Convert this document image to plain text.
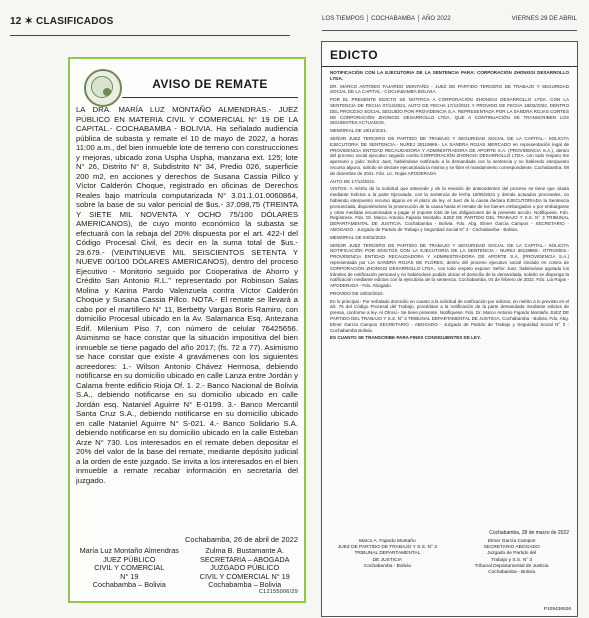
12 ✶ CLASIFICADOS
AVISO DE REMATE
LA DRA. MARÍA LUZ MONTAÑO ALMENDRAS.- JUEZ PÚBLICO EN MATERIA CIVIL Y COMERCIAL N° 19 DE LA CAPITAL.- COCHABAMBA - BOLIVIA. Ha señalado audiencia pública de subasta y remate el 10 de mayo de 2022, a horas 11:00 a.m., del bien inmueble lote de terreno con construcciones y mejoras, ubicado zona Uspha Uspha, manzana ext. 125; lote N° 26, Distrito N° 8, Subdistrito N° 34, Predio 026, superficie 200 m2, en acciones y derechos de Susana Cassia Pillco y Víctor Calderón Choque, registrado en oficinas de Derechos Reales bajo matrícula computarizada N° 3.01.1.01.0060864, sobre la base de su valor pericial de $us.- 37.098,75 (TREINTA Y SIETE MIL NOVENTA Y OCHO 75/100 DÓLARES AMERICANOS), de cuyo monto económico la subasta se efectuará con la rebaja del 20% dispuesta por el art. 422-I del Código Procesal Civil, es decir en la suma total de $us.- 29.679.- (VEINTINUEVE MIL SEISCIENTOS SETENTA Y NUEVE 00/100 DÓLARES AMERICANOS), dentro del proceso Ejecutivo - Monitorio seguido por Cooperativa de Ahorro y Crédito San Antonio R.L." representado por Robinson Salas Molina y Karina Pardo Valenzuela contra Víctor Calderón Choque y Susana Cassia Pillco. NOTA.- El remate se llevará a cabo por el martillero N° 11, Berbetty Vargas Boris Ramiro, con domicilio Procesal ubicado en la Av. Salamanca Esq. Antezana Edif. Milenium Piso 7, con número de celular 76425656. Asimismo se hace constar que la situación impositiva del bien inmueble se tiene pagado del año 2017; (fs. 72 a 77). Asimismo se hace constar que existe 4 gravámenes con los siguientes acreedores: 1.- Wilson Antonio Chávez Hermosa, debiendo notificarse en su domicilio ubicado en calle Lanza entre Jordán y Calama frente edificio Rioja Of. 1. 2.- Banco Nacional de Bolivia S.A., debiendo notificarse en su domicilio ubicado en calle Jordán esq. Nataniel Aguirre N° E-0199. 3.- Banco Mercantil Santa Cruz S.A., debiendo notificarse en su domicilio ubicado en calle Nataniel Aguirre N° S-021. 4.- Banco Solidario S.A. debiendo notificarse en su domicilio ubicado en la calle Esteban Arze N° 730. Los interesados en el remate deben depositar el 20% del valor de la base del remate, mediante depósito judicial a la orden de este juzgado. Se invita a los interesados en el bien inmueble a remate recabar información en secretaría del juzgado.
Cochabamba, 26 de abril de 2022
María Luz Montaño Almendras
JUEZ PÚBLICO
CIVIL Y COMERCIAL
N° 19
Cochabamba – Bolivia
Zulma B. Bustamante A.
SECRETARIA – ABOGADA
JUZGADO PÚBLICO
CIVIL Y COMERCIAL N° 19
Cochabamba – Bolivia
C12155006/29
LOS TIEMPOS │ COCHABAMBA │ AÑO 2022	VIERNES 29 DE ABRIL
EDICTO

NOTIFICACIÓN CON LA EJECUTORIA DE LA SENTENCIA PARA: CORPORACIÓN ZHONGGI DESARROLLO LTDA.

DR. MARCO ANTONIO FAJARDO MONTAÑO - JUEZ DE PARTIDO TERCERO DE TRABAJO Y SEGURIDAD SOCIAL DE LA CAPITAL - COCHABAMBA BOLIVIA.

POR EL PRESENTE EDICTO SE NOTIFICA A CORPORACIÓN ZHONGGI DESARROLLO LTDA. CON LA SENTENCIA DE FECHA 07/12/2021, AUTO DE FECHA 17/12/2021 Y PROVIDO DE FECHA 18/02/2022, DENTRO DEL PROCESO SOCIAL SEGUIDO POR PROVIDENCIA S.A. REPRESENTADA POR LA SANDRA ROJAS CORTES DE CORPORACIÓN ZHONGGI DESARROLLO LTDA. QUE A CONTINUACIÓN SE TRANSCRIBEN LOS SIGUIENTES ACTUADOS.

MEMORIAL DE 18/12/2021.

SEÑOR JUEZ TERCERO DE PARTIDO DE TRABAJO Y SEGURIDAD SOCIAL DE LA CAPITAL.- SOLICITA EJECUTORIA DE SENTENCIA.- NUREJ 30119869.- LA SANDRA ROJAS MERCADO en representación legal de PROVIDENCIA ENTIDAD RECAUDADORA Y ADMINISTRADORA DE APORTE S.A. (PROVIDENCIA S.A.), dentro del proceso social ejecutivo seguido contra CORPORACIÓN ZHONGGI DESARROLLO LTDA. con todo respeto me apersono y pido: Señor Juez, habiéndose notificado a la demandada con la sentencia y no habiendo interpuesto recurso alguno, solicito se declare ejecutoriada la misma y se libre el mandamiento correspondiente. Cochabamba, 08 de diciembre de 2021. Fdo. Lic. Rojas APODERADA.

AUTO DE 17/12/2021.

VISTOS: A mérito de la solicitud que antecede y de la revisión de antecedentes del proceso se tiene que citada mediante Edictos a la parte Ejecutada, con la sentencia de fecha 18/05/2021 y demás actuados procesales, no habiendo interpuesto recurso alguno en el plazo de ley, el Juez de la causa declara EJECUTORIADA la Sentencia pronunciada, disponiéndose la prosecución de la causa hasta el remate de los bienes embargados o por embargarse y otras medidas encaminadas a pagar el importe total de las obligaciones de la presente acción. Notifíquese. Fdo. Regístrese. Fdo. Dr. Marco Antonio Fajardo Montaño JUEZ DE PARTIDO DEL TRABAJO Y S.S. N° 3 TRIBUNAL DEPARTAMENTAL DE JUSTICIA. Cochabamba - Bolivia. Fdo. Abg. Elmer García Campos - SECRETARIO - ABOGADO - Juzgado de Partido de Trabajo y Seguridad Social N° 3 - Cochabamba - Bolivia.

MEMORIAL DE 04/02/2022.

SEÑOR JUEZ TERCERO DE PARTIDO DE TRABAJO Y SEGURIDAD SOCIAL DE LA CAPITAL.- SOLICITA NOTIFICACIÓN POR EDICTOS CON LA EJECUTORIA DE LA SENTENCIA - NUREJ 30119869.- OTROSÍES.- PROVIDENCIA ENTIDAD RECAUDADORA Y ADMINISTRADORA DE APORTE S.A. (PROVIDENCIA S.A.) representada por LIA SANDRA ROJAS DE FLORES, dentro del proceso ejecutivo social iniciado en contra de CORPORACIÓN ZHONGGI DESARROLLO LTDA., con todo respeto expone: Señor Juez, habiéndose agotado los trámites de notificación personal y no habiéndose podido ubicar el domicilio de la demandada, solicito se disponga la notificación mediante edictos con la ejecutoria de la sentencia. Cochabamba, 04 de febrero de 2022. Fdo. Lia Rojas - APODERADA - Fdo. Abogado.

PROVIDO DE 18/02/2022.

En lo principal.- Por señalado domicilio en cuanto a la solicitud de notificación por edictos, en mérito a lo previsto en el art. 76 del Código Procesal del Trabajo, procédase a la notificación de la parte demandada mediante edictos de prensa, conforme a ley. Al Otrosí.- Se tiene presente. Notifíquese. Fdo. Dr. Marco Antonio Fajardo Montaño JUEZ DE PARTIDO DEL TRABAJO Y S.S. N° 3 TRIBUNAL DEPARTAMENTAL DE JUSTICIA. Cochabamba - Bolivia. Fdo. Abg. Elmer García Campos SECRETARIO - ABOGADO - Juzgado de Partido de Trabajo y Seguridad Social N° 3 - Cochabamba Bolivia.

ES CUANTO SE TRANSCRIBE PARA FINES CONSIGUIENTES DE LEY.

Cochabamba, 28 de marzo de 2022
Marco A. Fajardo Montaño
JUEZ DE PARTIDO DE TRABAJO Y S.S. N° 3
TRIBUNAL DEPARTAMENTAL
DE JUSTICIA
Cochabamba - Bolivia
Elmer García Campos
SECRETARIO ABOGADO
Juzgado de Partido del
Trabajo y S.S. N° 3
Tribunal Departamental de Justicia
Cochabamba - Bolivia
P105436526
